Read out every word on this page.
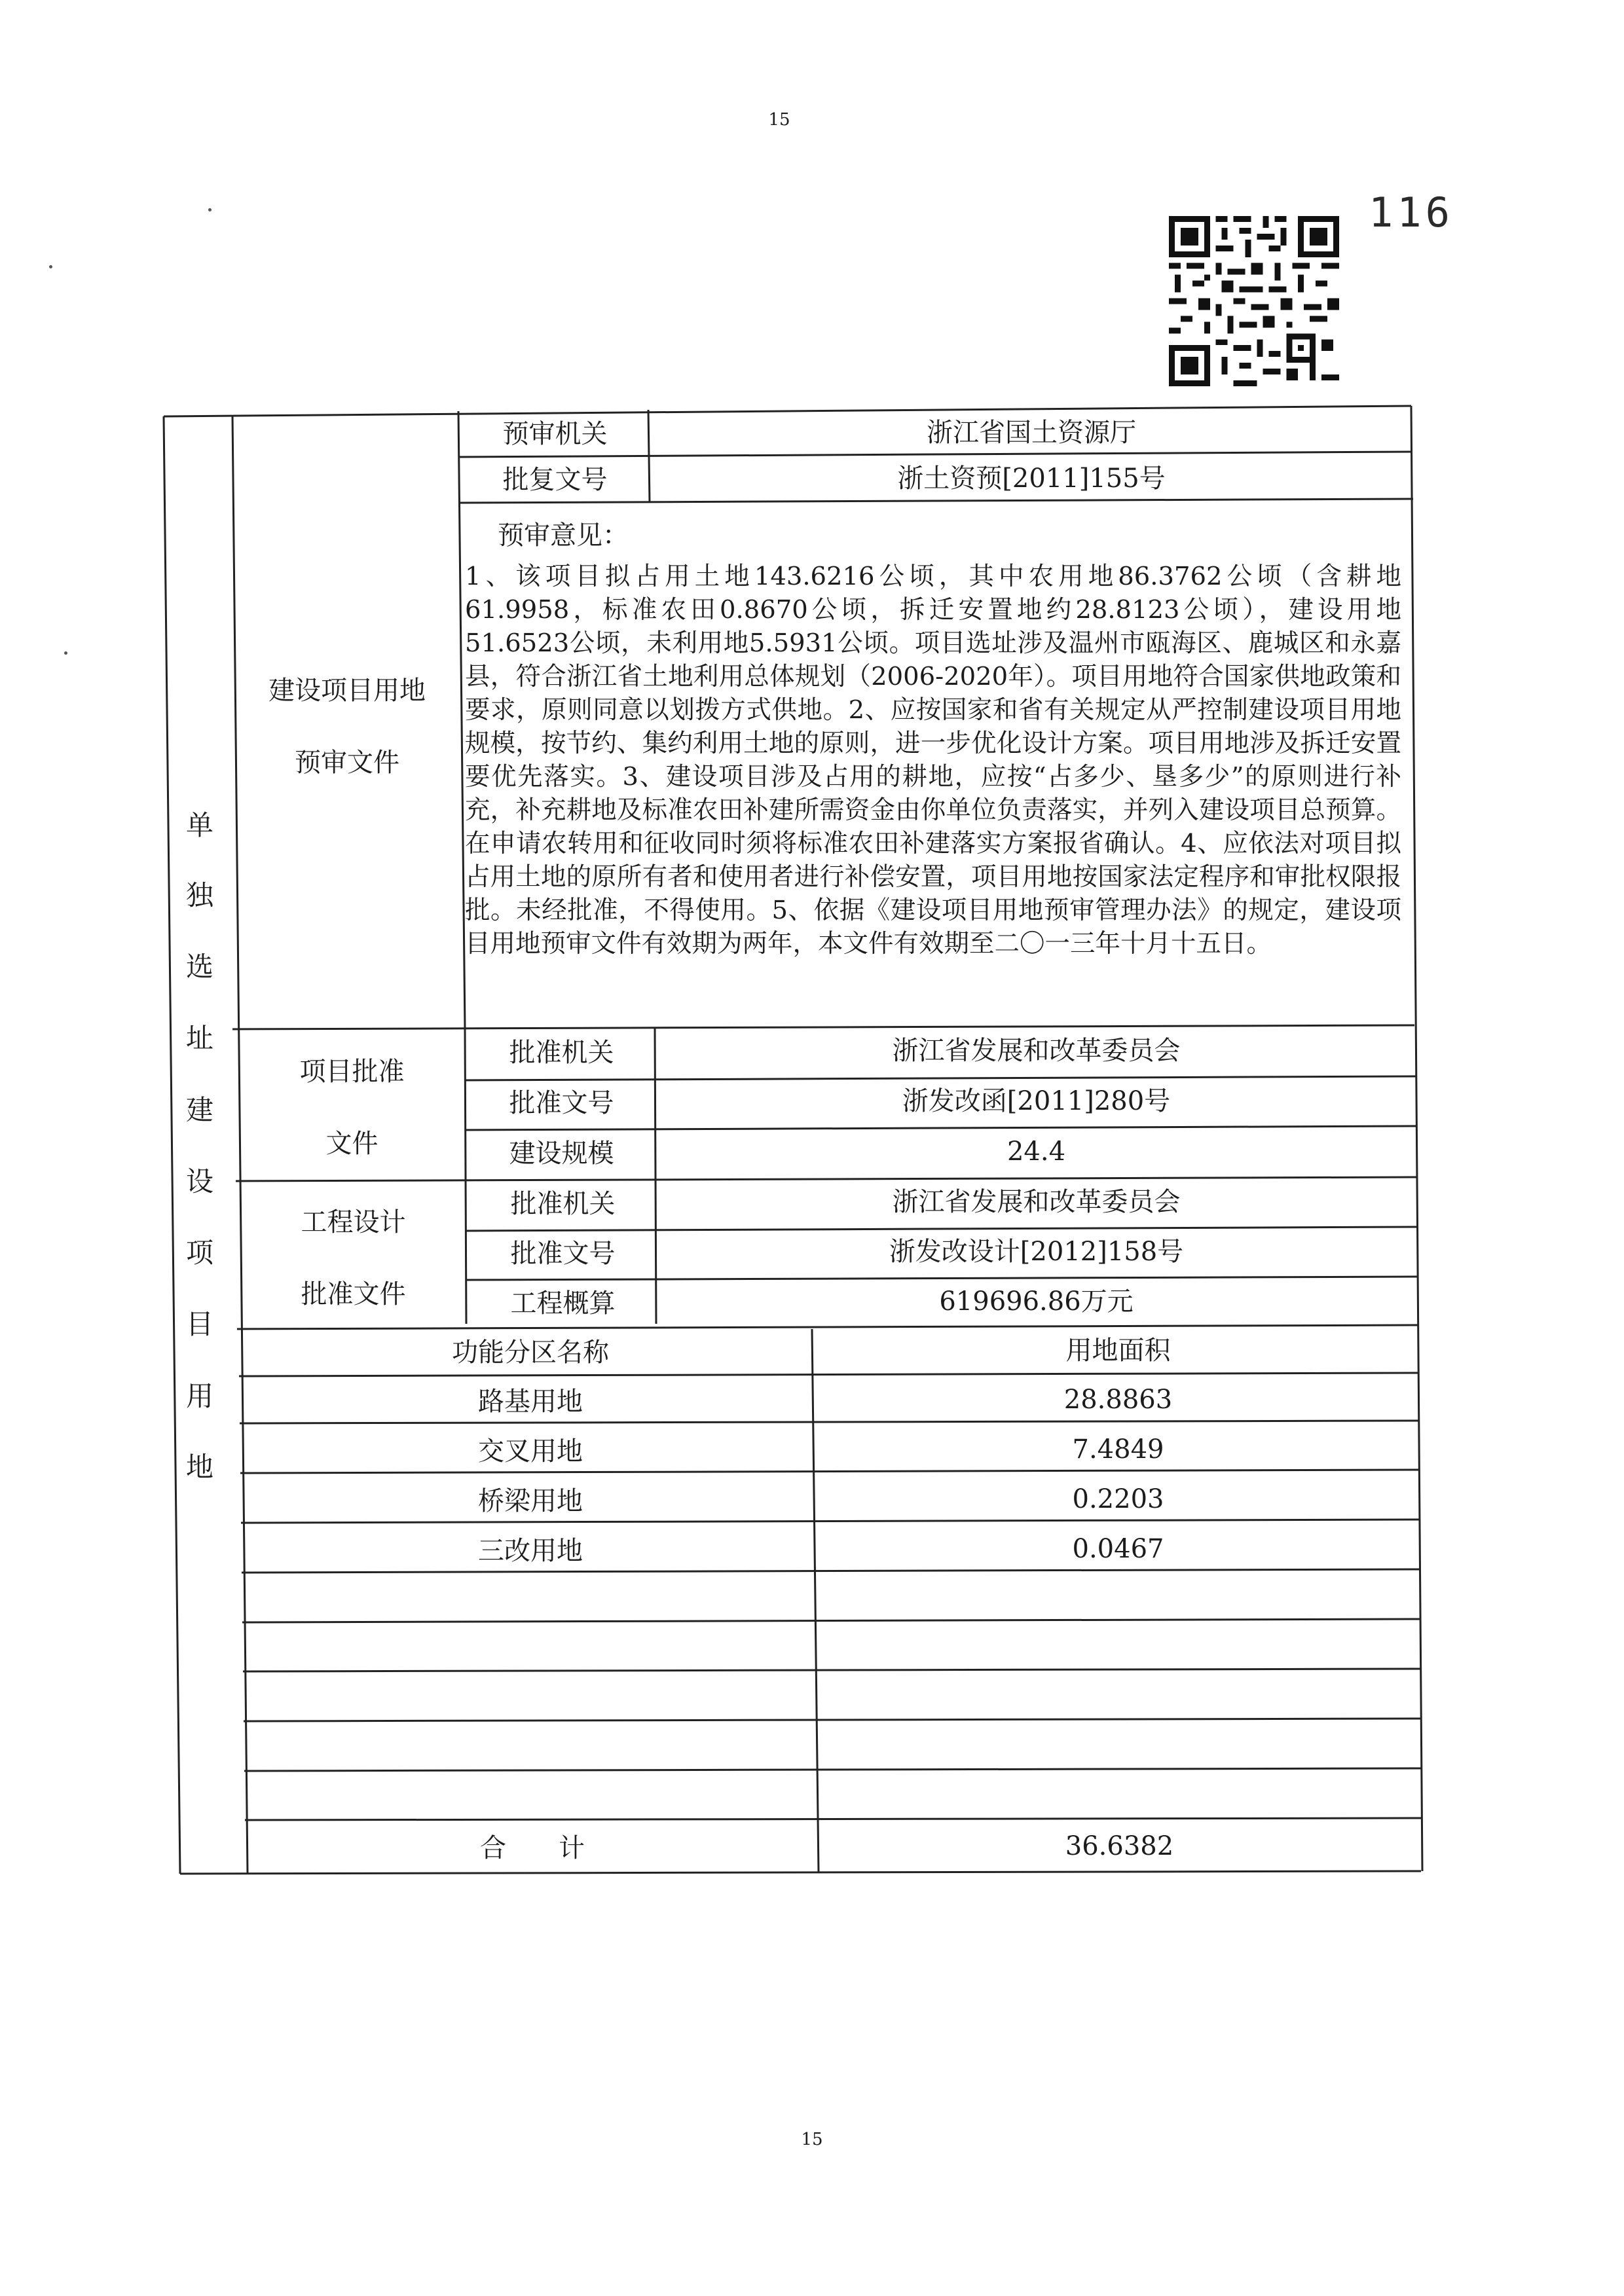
15
15
116
单
独
选
址
建
设
项
目
用
地
建设项目用地
预审文件
预审机关	浙江省国土资源厅
批复文号	浙土资预[2011]155号
预审意见：
1、该项目拟占用土地143.6216公顷，其中农用地86.3762公顷（含耕地61.9958，标准农田0.8670公顷，拆迁安置地约28.8123公顷），建设用地51.6523公顷，未利用地5.5931公顷。项目选址涉及温州市瓯海区、鹿城区和永嘉县，符合浙江省土地利用总体规划（2006-2020年）。项目用地符合国家供地政策和要求，原则同意以划拨方式供地。2、应按国家和省有关规定从严控制建设项目用地规模，按节约、集约利用土地的原则，进一步优化设计方案。项目用地涉及拆迁安置要优先落实。3、建设项目涉及占用的耕地，应按“占多少、垦多少”的原则进行补充，补充耕地及标准农田补建所需资金由你单位负责落实，并列入建设项目总预算。在申请农转用和征收同时须将标准农田补建落实方案报省确认。4、应依法对项目拟占用土地的原所有者和使用者进行补偿安置，项目用地按国家法定程序和审批权限报批。未经批准，不得使用。5、依据《建设项目用地预审管理办法》的规定，建设项目用地预审文件有效期为两年，本文件有效期至二〇一三年十月十五日。
项目批准
文件
批准机关	浙江省发展和改革委员会
批准文号	浙发改函[2011]280号
建设规模	24.4
工程设计
批准文件
批准机关	浙江省发展和改革委员会
批准文号	浙发改设计[2012]158号
工程概算	619696.86万元
功能分区名称	用地面积
路基用地	28.8863
交叉用地	7.4849
桥梁用地	0.2203
三改用地	0.0467
合　　计	36.6382
